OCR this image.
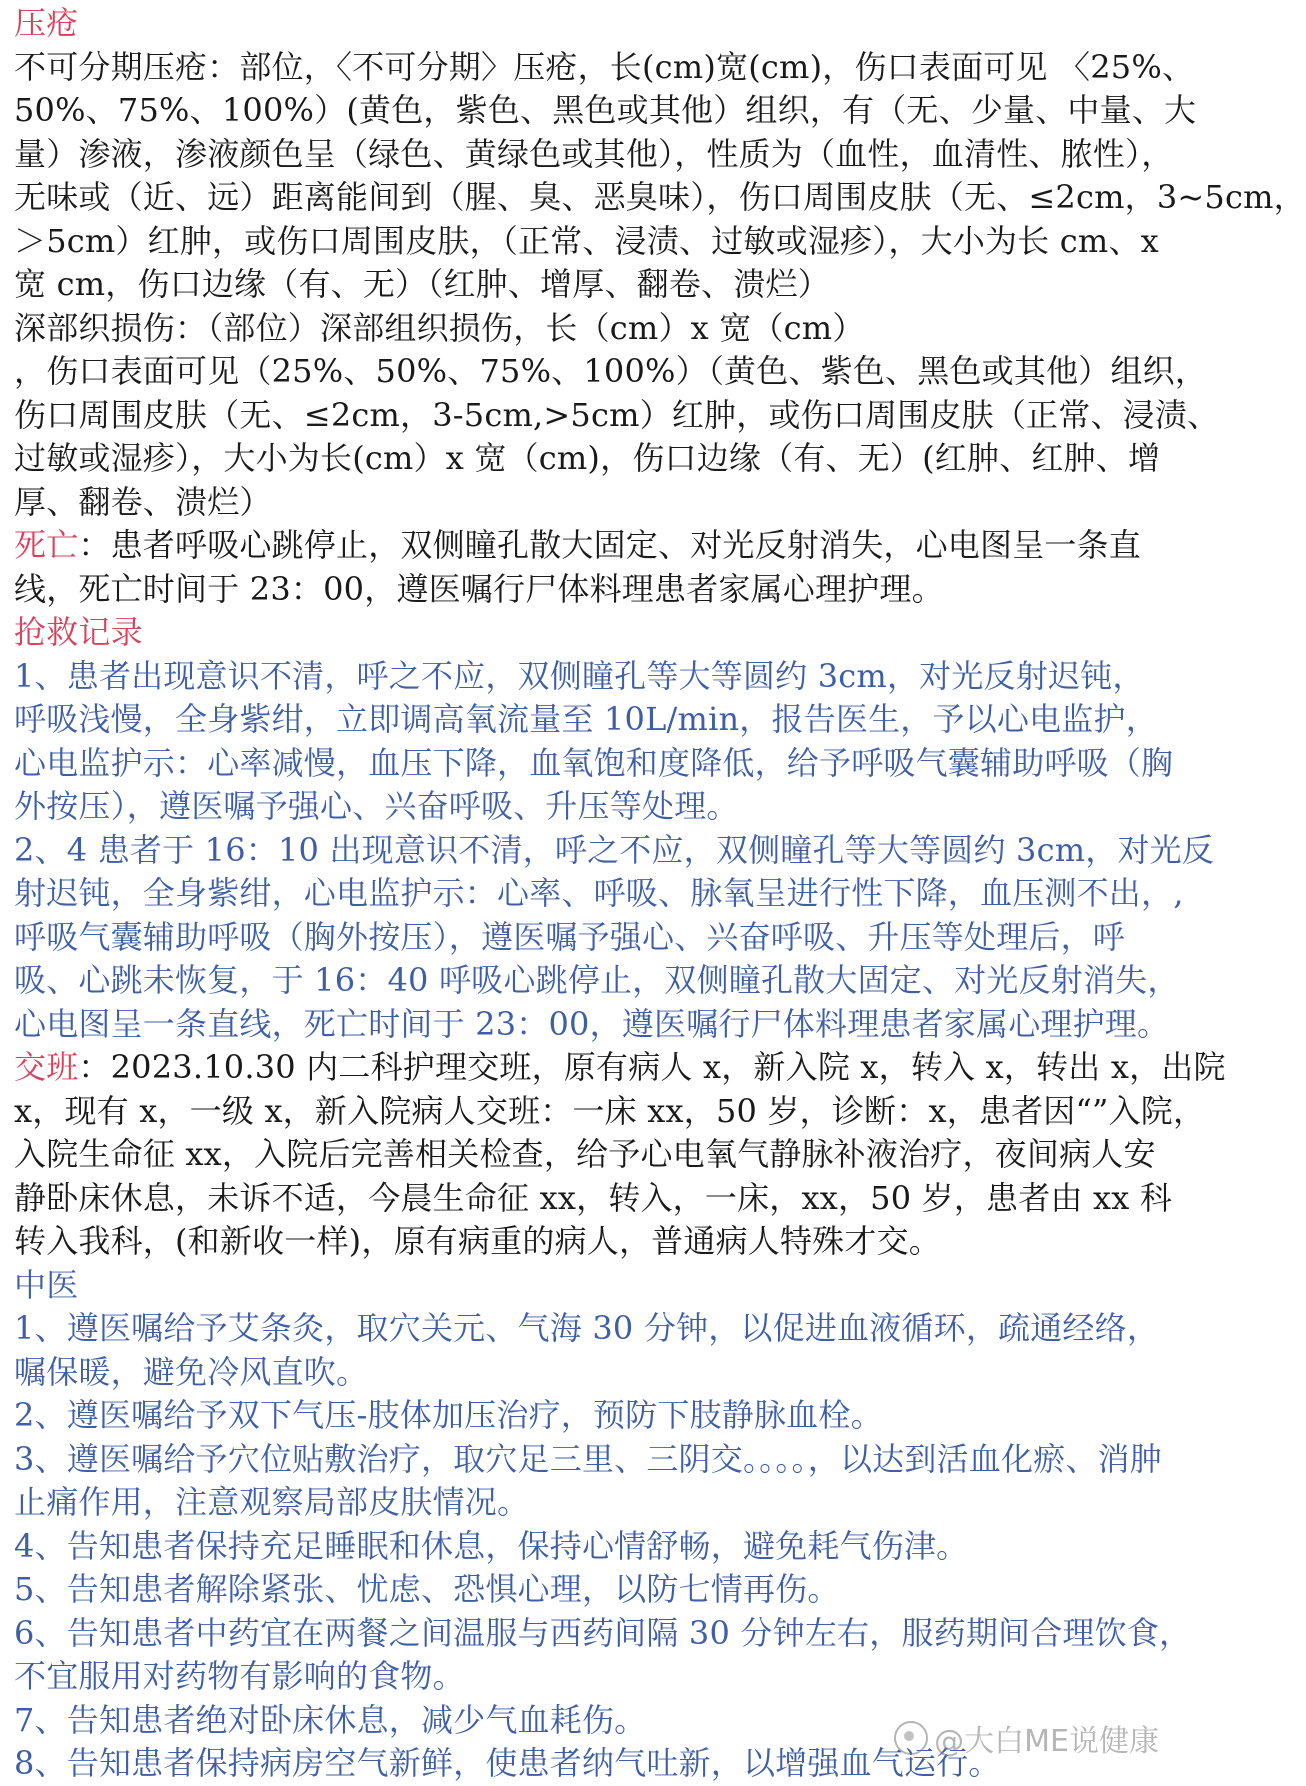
压疮
不可分期压疮：部位，〈不可分期〉压疮，长(cm)宽(cm)，伤口表面可见 〈25%、
50%、75%、100%）(黄色，紫色、黑色或其他）组织，有（无、少量、中量、大
量）渗液，渗液颜色呈（绿色、黄绿色或其他），性质为（血性，血清性、脓性），
无味或（近、远）距离能间到（腥、臭、恶臭味），伤口周围皮肤（无、≤2cm，3~5cm，
＞5cm）红肿，或伤口周围皮肤，（正常、浸渍、过敏或湿疹），大小为长 cm、x
宽 cm，伤口边缘（有、无）（红肿、增厚、翻卷、溃烂）
深部织损伤：（部位）深部组织损伤，长（cm）x 宽（cm）
，伤口表面可见（25%、50%、75%、100%）（黄色、紫色、黑色或其他）组织，
伤口周围皮肤（无、≤2cm，3-5cm,>5cm）红肿，或伤口周围皮肤（正常、浸渍、
过敏或湿疹），大小为长(cm）x 宽（cm)，伤口边缘（有、无）(红肿、红肿、增
厚、翻卷、溃烂）
死亡：患者呼吸心跳停止，双侧瞳孔散大固定、对光反射消失，心电图呈一条直
线，死亡时间于 23：00，遵医嘱行尸体料理患者家属心理护理。
抢救记录
1、患者出现意识不清，呼之不应，双侧瞳孔等大等圆约 3cm，对光反射迟钝，
呼吸浅慢，全身紫绀，立即调高氧流量至 10L/min，报告医生，予以心电监护，
心电监护示：心率减慢，血压下降，血氧饱和度降低，给予呼吸气囊辅助呼吸（胸
外按压），遵医嘱予强心、兴奋呼吸、升压等处理。
2、4 患者于 16：10 出现意识不清，呼之不应，双侧瞳孔等大等圆约 3cm，对光反
射迟钝，全身紫绀，心电监护示：心率、呼吸、脉氧呈进行性下降，血压测不出，,
呼吸气囊辅助呼吸（胸外按压），遵医嘱予强心、兴奋呼吸、升压等处理后，呼
吸、心跳未恢复，于 16：40 呼吸心跳停止，双侧瞳孔散大固定、对光反射消失，
心电图呈一条直线，死亡时间于 23：00，遵医嘱行尸体料理患者家属心理护理。
交班：2023.10.30 内二科护理交班，原有病人 x，新入院 x，转入 x，转出 x，出院
x，现有 x，一级 x，新入院病人交班：一床 xx，50 岁，诊断：x，患者因“”入院，
入院生命征 xx，入院后完善相关检查，给予心电氧气静脉补液治疗，夜间病人安
静卧床休息，未诉不适，今晨生命征 xx，转入，一床，xx，50 岁，患者由 xx 科
转入我科，(和新收一样)，原有病重的病人，普通病人特殊才交。
中医
1、遵医嘱给予艾条灸，取穴关元、气海 30 分钟，以促进血液循环，疏通经络，
嘱保暖，避免冷风直吹。
2、遵医嘱给予双下气压-肢体加压治疗，预防下肢静脉血栓。
3、遵医嘱给予穴位贴敷治疗，取穴足三里、三阴交。。。。，以达到活血化瘀、消肿
止痛作用，注意观察局部皮肤情况。
4、告知患者保持充足睡眠和休息，保持心情舒畅，避免耗气伤津。
5、告知患者解除紧张、忧虑、恐惧心理，以防七情再伤。
6、告知患者中药宜在两餐之间温服与西药间隔 30 分钟左右，服药期间合理饮食，
不宜服用对药物有影响的食物。
7、告知患者绝对卧床休息，减少气血耗伤。
8、告知患者保持病房空气新鲜，使患者纳气吐新，以增强血气运行。
@大白ME说健康
